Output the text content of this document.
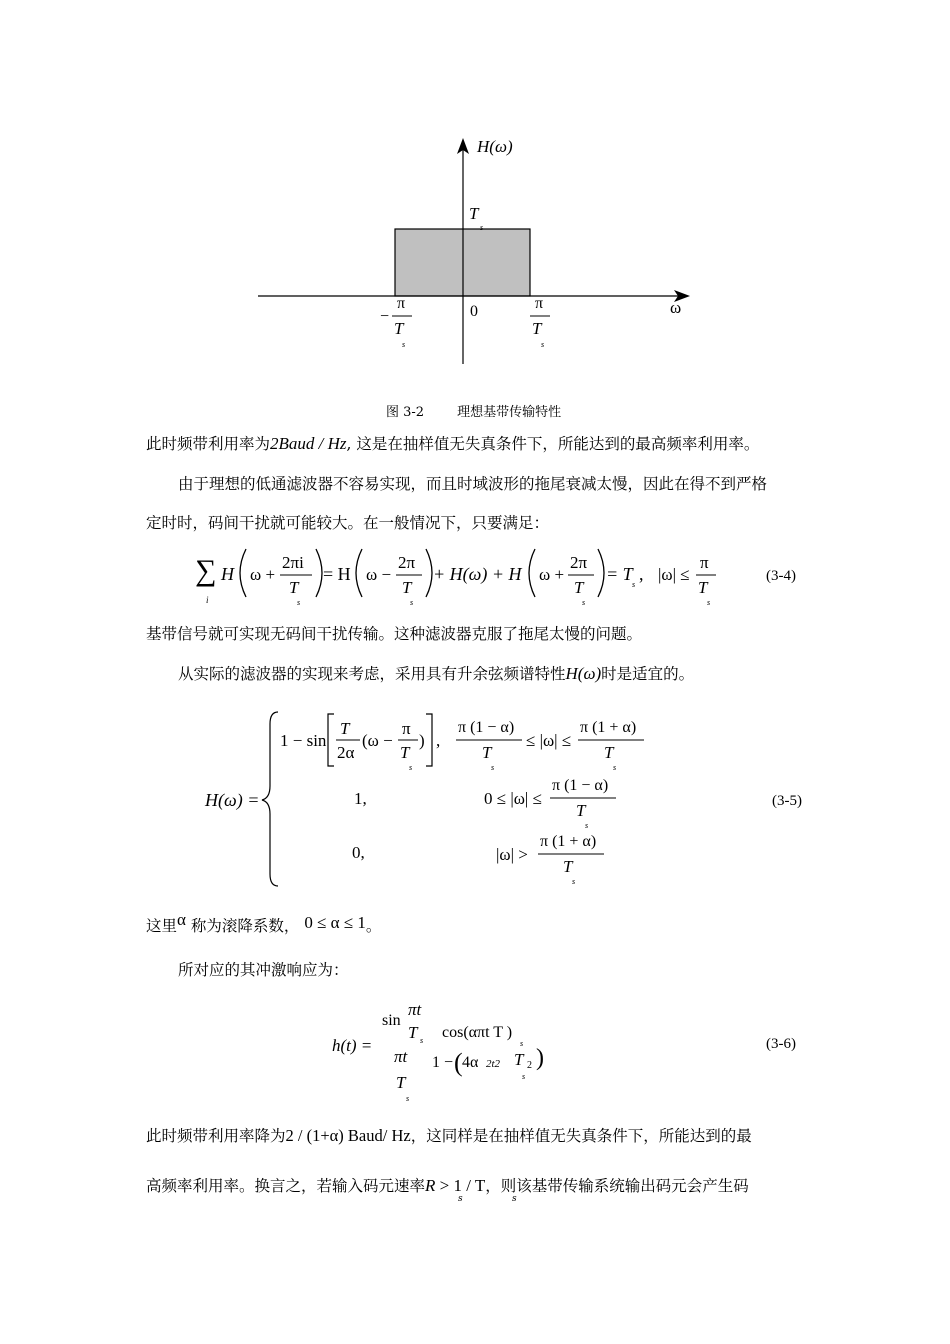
H(ω)
ω
T
s
0
−
π
T
s
π
T
s
图 3-2        理想基带传输特性
此时频带利用率为2Baud / Hz, 这是在抽样值无失真条件下，所能达到的最高频率利用率。
由于理想的低通滤波器不容易实现，而且时域波形的拖尾衰减太慢，因此在得不到严格
定时时，码间干扰就可能较大。在一般情况下，只要满足：
∑
i
H ω +
2πi
T
s
= H ω −
2π
T
s
+ H(ω) + H ω +
2π
T
s
= T
s
, |ω| ≤
π
T
s
(3-4)
基带信号就可实现无码间干扰传输。这种滤波器克服了拖尾太慢的问题。
从实际的滤波器的实现来考虑，采用具有升余弦频谱特性H(ω)时是适宜的。
H(ω) =
1 − sin
T
2α
(ω −
π
T
s
) ,
π (1 − α)
T
s
≤ |ω| ≤
π (1 + α)
T
s
1,	0 ≤ |ω| ≤
π (1 − α)
T
s
0,	|ω| >
π (1 + α)
T
s
(3-5)
这里α 称为滚降系数， 0 ≤ α ≤ 1。
所对应的其冲激响应为：
h(t) =
sin
πt
T s
πt
T
s
cos(απt T )
s
1 − ( 4α 2t2 T 2
s
)
(3-6)
此时频带利用率降为2 / (1+α) Baud/ Hz，这同样是在抽样值无失真条件下，所能达到的最
高频率利用率。换言之，若输入码元速率R > 1 / T，则该基带传输系统输出码元会产生码
s	s
